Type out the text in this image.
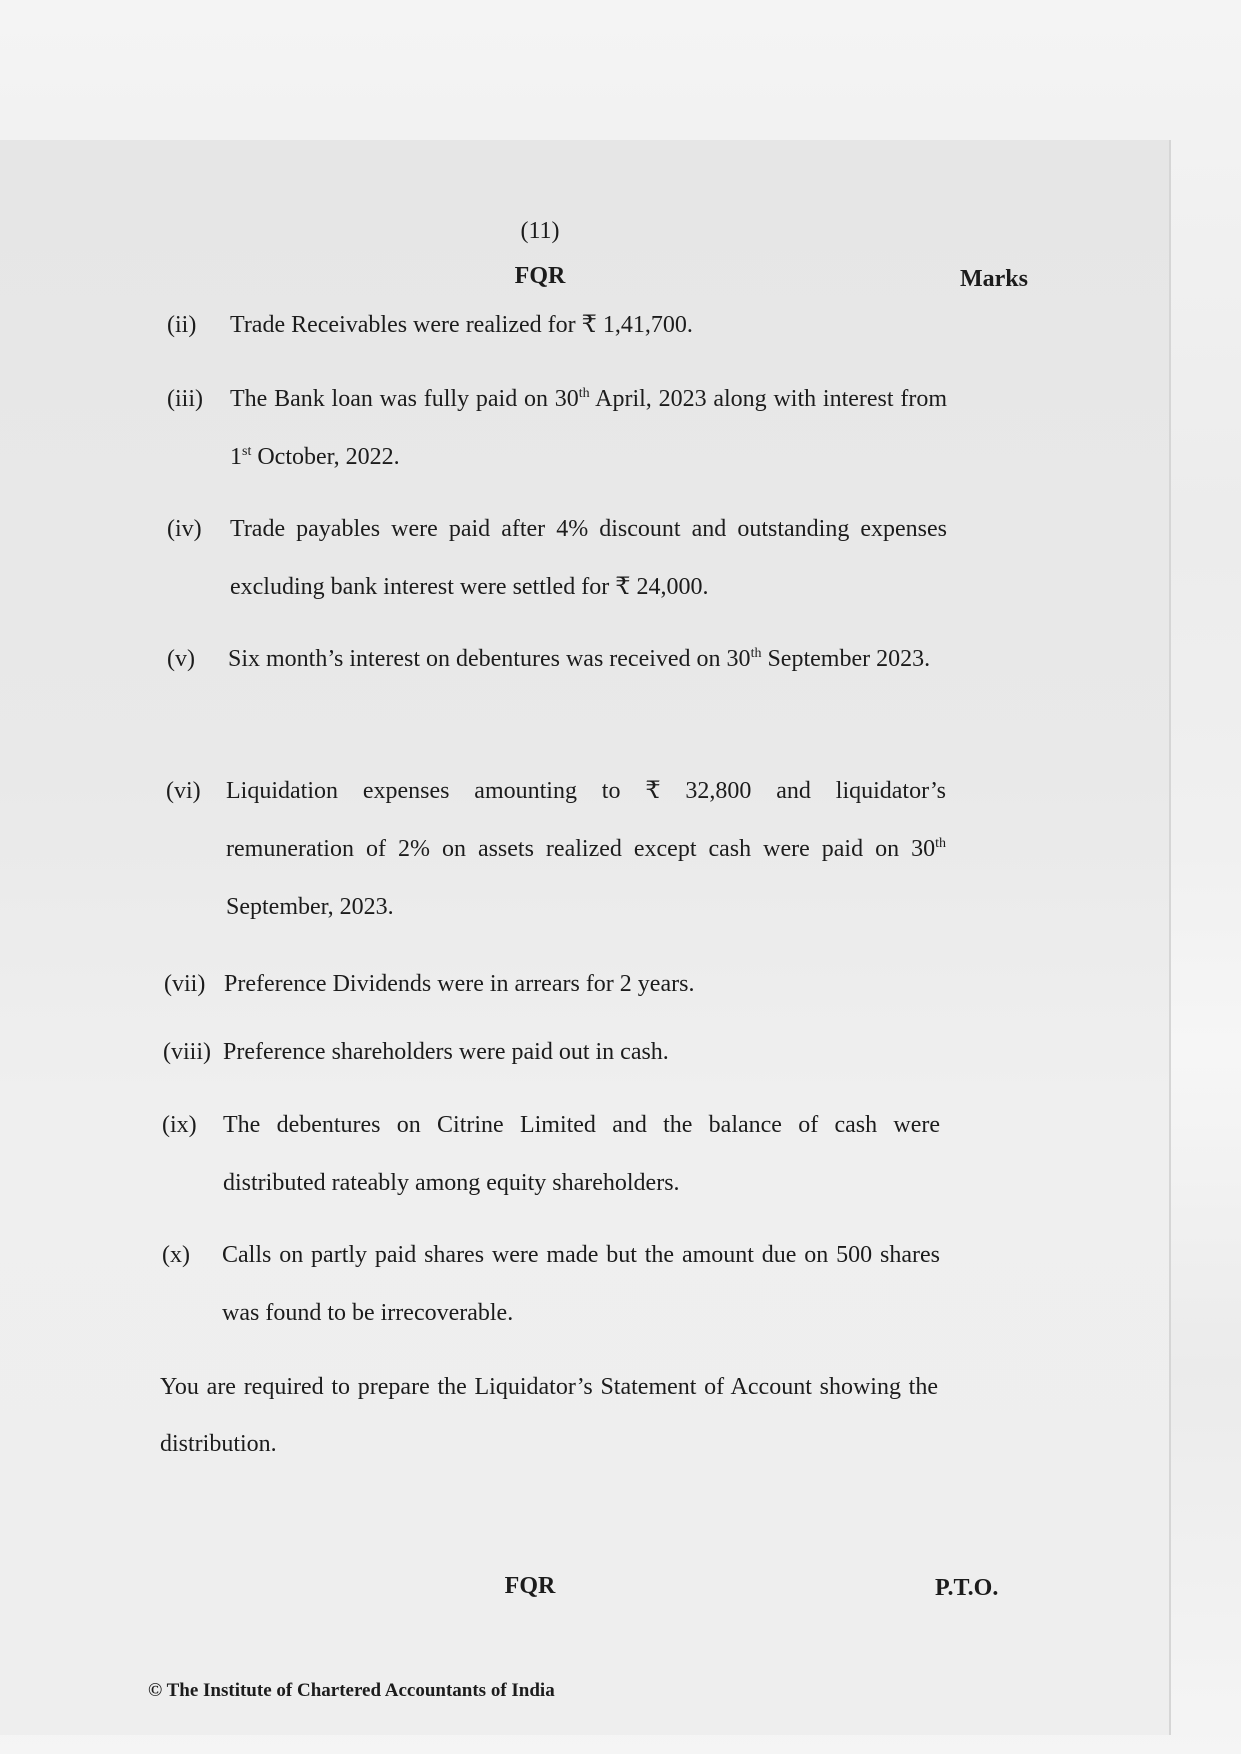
(11)
FQR	Marks
(ii) Trade Receivables were realized for ₹ 1,41,700.
(iii) The Bank loan was fully paid on 30th April, 2023 along with interest from 1st October, 2022.
(iv) Trade payables were paid after 4% discount and outstanding expenses excluding bank interest were settled for ₹ 24,000.
(v) Six month’s interest on debentures was received on 30th September 2023.
(vi) Liquidation expenses amounting to ₹ 32,800 and liquidator’s remuneration of 2% on assets realized except cash were paid on 30th September, 2023.
(vii) Preference Dividends were in arrears for 2 years.
(viii) Preference shareholders were paid out in cash.
(ix) The debentures on Citrine Limited and the balance of cash were distributed rateably among equity shareholders.
(x) Calls on partly paid shares were made but the amount due on 500 shares was found to be irrecoverable.
You are required to prepare the Liquidator’s Statement of Account showing the distribution.
FQR	P.T.O.
© The Institute of Chartered Accountants of India
